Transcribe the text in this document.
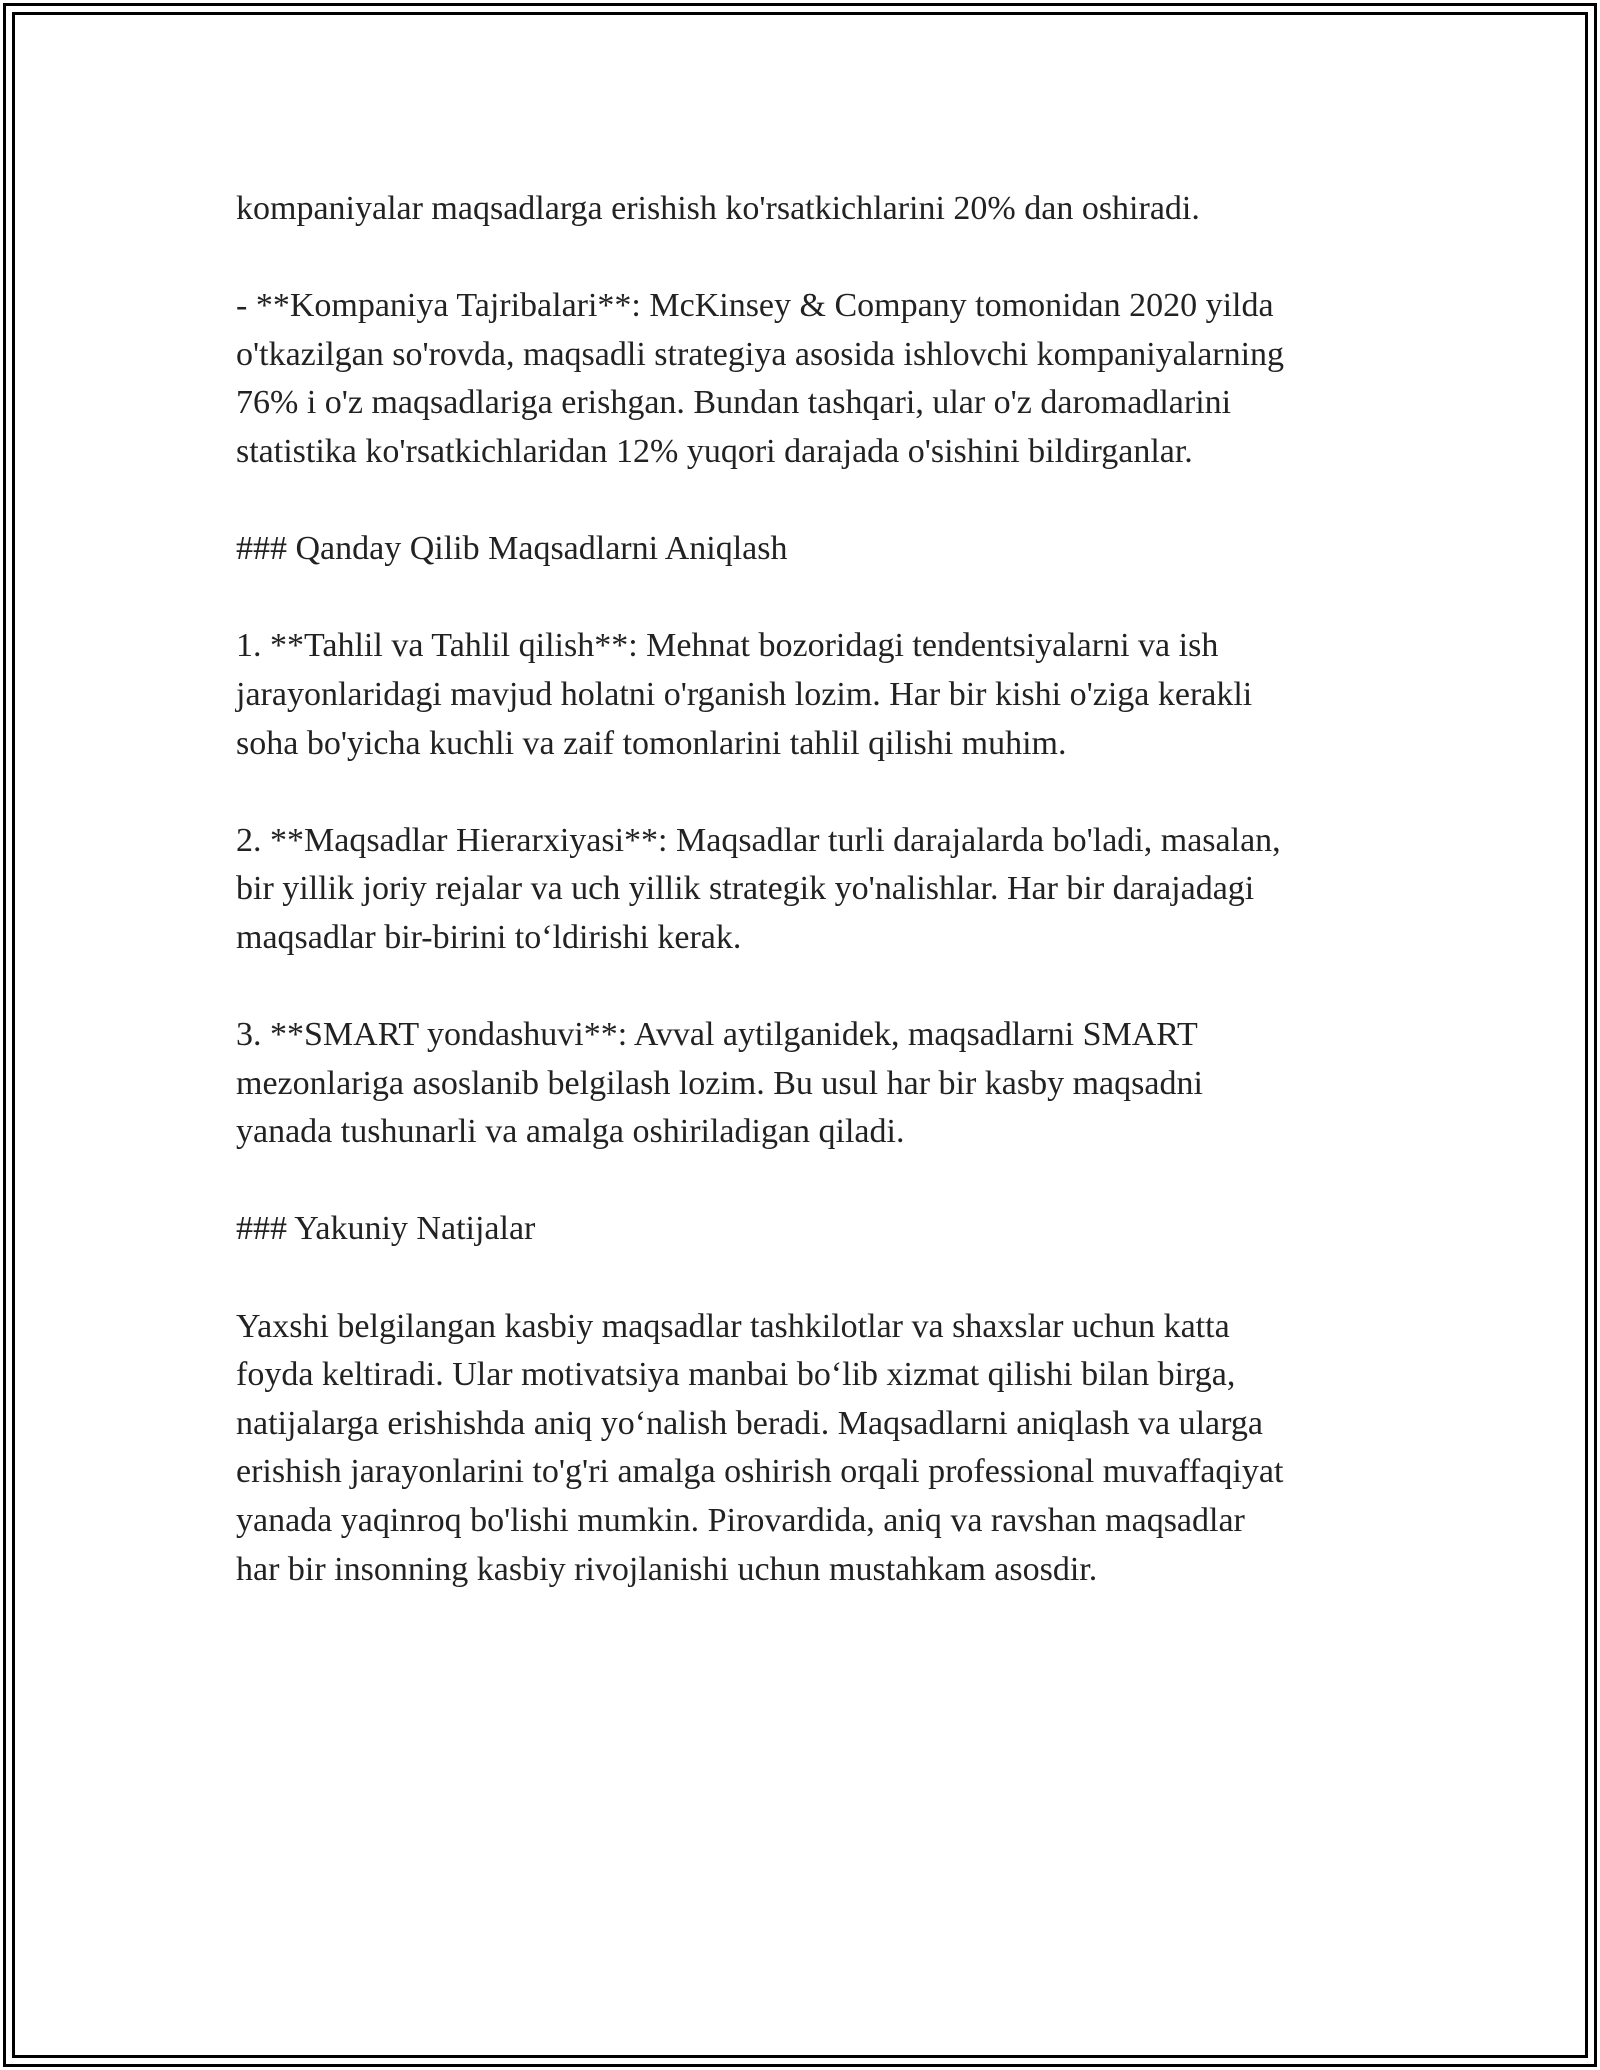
kompaniyalar maqsadlarga erishish ko'rsatkichlarini 20% dan oshiradi.

- **Kompaniya Tajribalari**: McKinsey & Company tomonidan 2020 yilda
o'tkazilgan so'rovda, maqsadli strategiya asosida ishlovchi kompaniyalarning
76% i o'z maqsadlariga erishgan. Bundan tashqari, ular o'z daromadlarini
statistika ko'rsatkichlaridan 12% yuqori darajada o'sishini bildirganlar.

### Qanday Qilib Maqsadlarni Aniqlash

1. **Tahlil va Tahlil qilish**: Mehnat bozoridagi tendentsiyalarni va ish
jarayonlaridagi mavjud holatni o'rganish lozim. Har bir kishi o'ziga kerakli
soha bo'yicha kuchli va zaif tomonlarini tahlil qilishi muhim.

2. **Maqsadlar Hierarxiyasi**: Maqsadlar turli darajalarda bo'ladi, masalan,
bir yillik joriy rejalar va uch yillik strategik yo'nalishlar. Har bir darajadagi
maqsadlar bir-birini to‘ldirishi kerak.

3. **SMART yondashuvi**: Avval aytilganidek, maqsadlarni SMART
mezonlariga asoslanib belgilash lozim. Bu usul har bir kasby maqsadni
yanada tushunarli va amalga oshiriladigan qiladi.

### Yakuniy Natijalar

Yaxshi belgilangan kasbiy maqsadlar tashkilotlar va shaxslar uchun katta
foyda keltiradi. Ular motivatsiya manbai bo‘lib xizmat qilishi bilan birga,
natijalarga erishishda aniq yo‘nalish beradi. Maqsadlarni aniqlash va ularga
erishish jarayonlarini to'g'ri amalga oshirish orqali professional muvaffaqiyat
yanada yaqinroq bo'lishi mumkin. Pirovardida, aniq va ravshan maqsadlar
har bir insonning kasbiy rivojlanishi uchun mustahkam asosdir.
